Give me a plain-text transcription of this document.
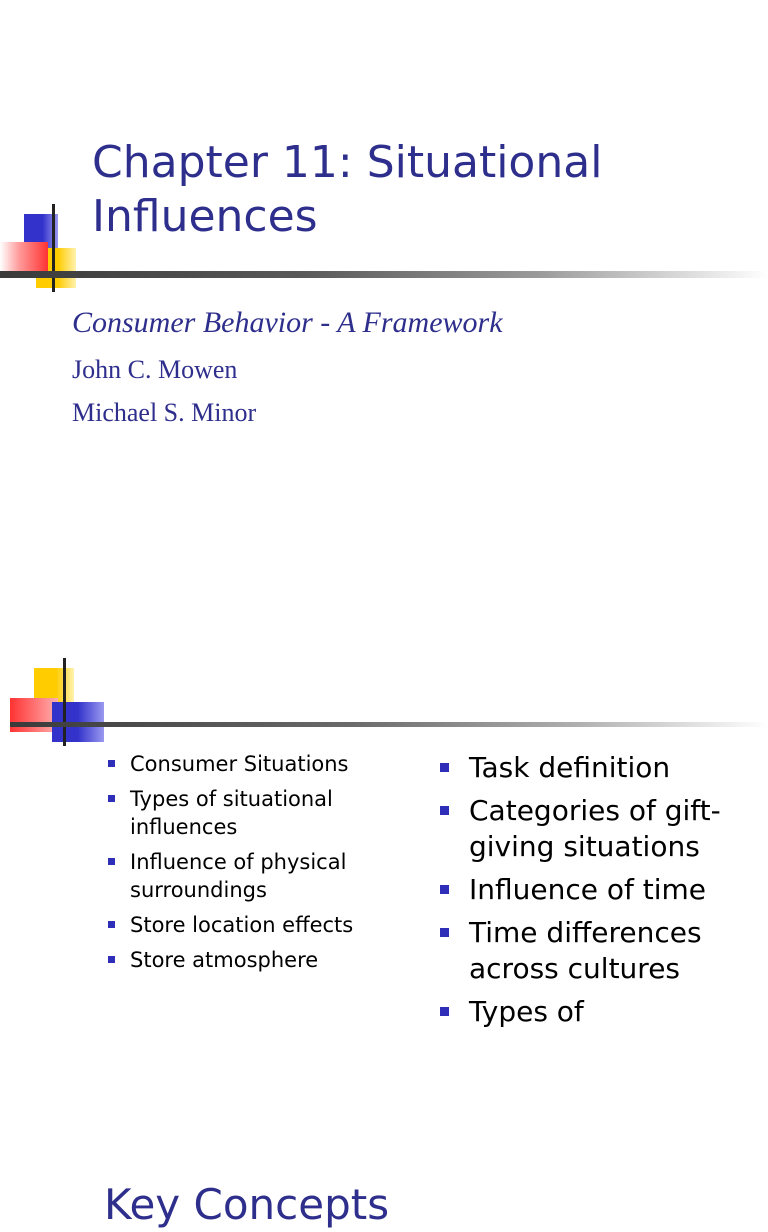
Chapter 11: Situational Influences

Consumer Behavior - A Framework

John C. Mowen

Michael S. Minor

Key Concepts
Consumer Situations
Types of situational influences
Influence of physical surroundings
Store location effects
Store atmosphere
Task definition
Categories of gift-giving situations
Influence of time
Time differences across cultures
Types of
